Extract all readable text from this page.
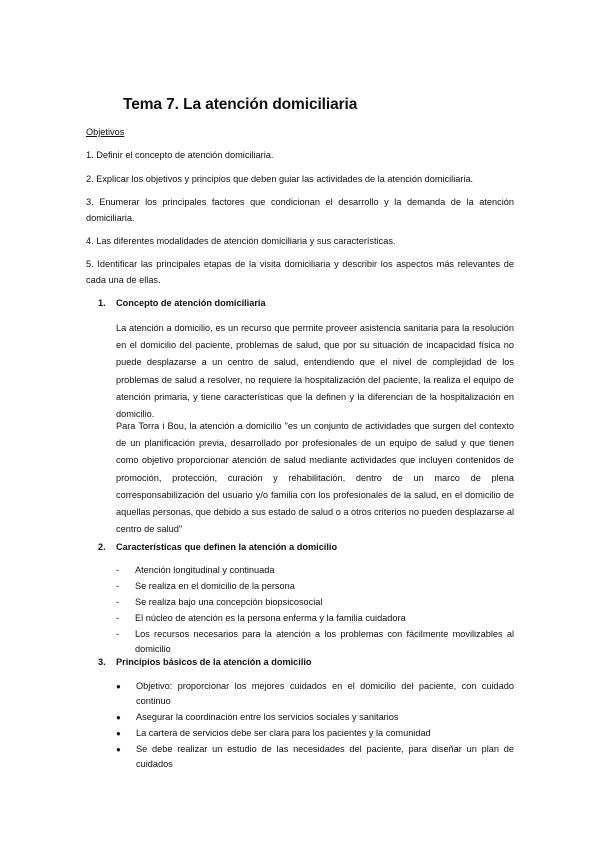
Tema 7. La atención domiciliaria

Objetivos

1. Definir el concepto de atención domiciliaria.

2. Explicar los objetivos y principios que deben guiar las actividades de la atención domiciliaria.

3. Enumerar los principales factores que condicionan el desarrollo y la demanda de la atención domiciliaria.

4. Las diferentes modalidades de atención domiciliaria y sus características.

5. Identificar las principales etapas de la visita domiciliaria y describir los aspectos más relevantes de cada una de ellas.

1. Concepto de atención domiciliaria

La atención a domicilio, es un recurso que permite proveer asistencia sanitaria para la resolución en el domicilio del paciente, problemas de salud, que por su situación de incapacidad física no puede desplazarse a un centro de salud, entendiendo que el nivel de complejidad de los problemas de salud a resolver, no requiere la hospitalización del paciente, la realiza el equipo de atención primaria, y tiene características que la definen y la diferencian de la hospitalización en domicilio.

Para Torra i Bou, la atención a domicilio "es un conjunto de actividades que surgen del contexto de un planificación previa, desarrollado por profesionales de un equipo de salud y que tienen como objetivo proporcionar atención de salud mediante actividades que incluyen contenidos de promoción, protección, curación y rehabilitación, dentro de un marco de plena corresponsabilización del usuario y/o familia con los profesionales de la salud, en el domicilio de aquellas personas, que debido a sus estado de salud o a otros criterios no pueden desplazarse al centro de salud"

2. Características que definen la atención a domicilio

- Atención longitudinal y continuada
- Se realiza en el domicilio de la persona
- Se realiza bajo una concepción biopsicosocial
- El núcleo de atención es la persona enferma y la familia cuidadora
- Los recursos necesarios para la atención a los problemas con fácilmente movilizables al domicilio

3. Principios básicos de la atención a domicilio

● Objetivo: proporcionar los mejores cuidados en el domicilio del paciente, con cuidado continuo
● Asegurar la coordinación entre los servicios sociales y sanitarios
● La cartera de servicios debe ser clara para los pacientes y la comunidad
● Se debe realizar un estudio de las necesidades del paciente, para diseñar un plan de cuidados
